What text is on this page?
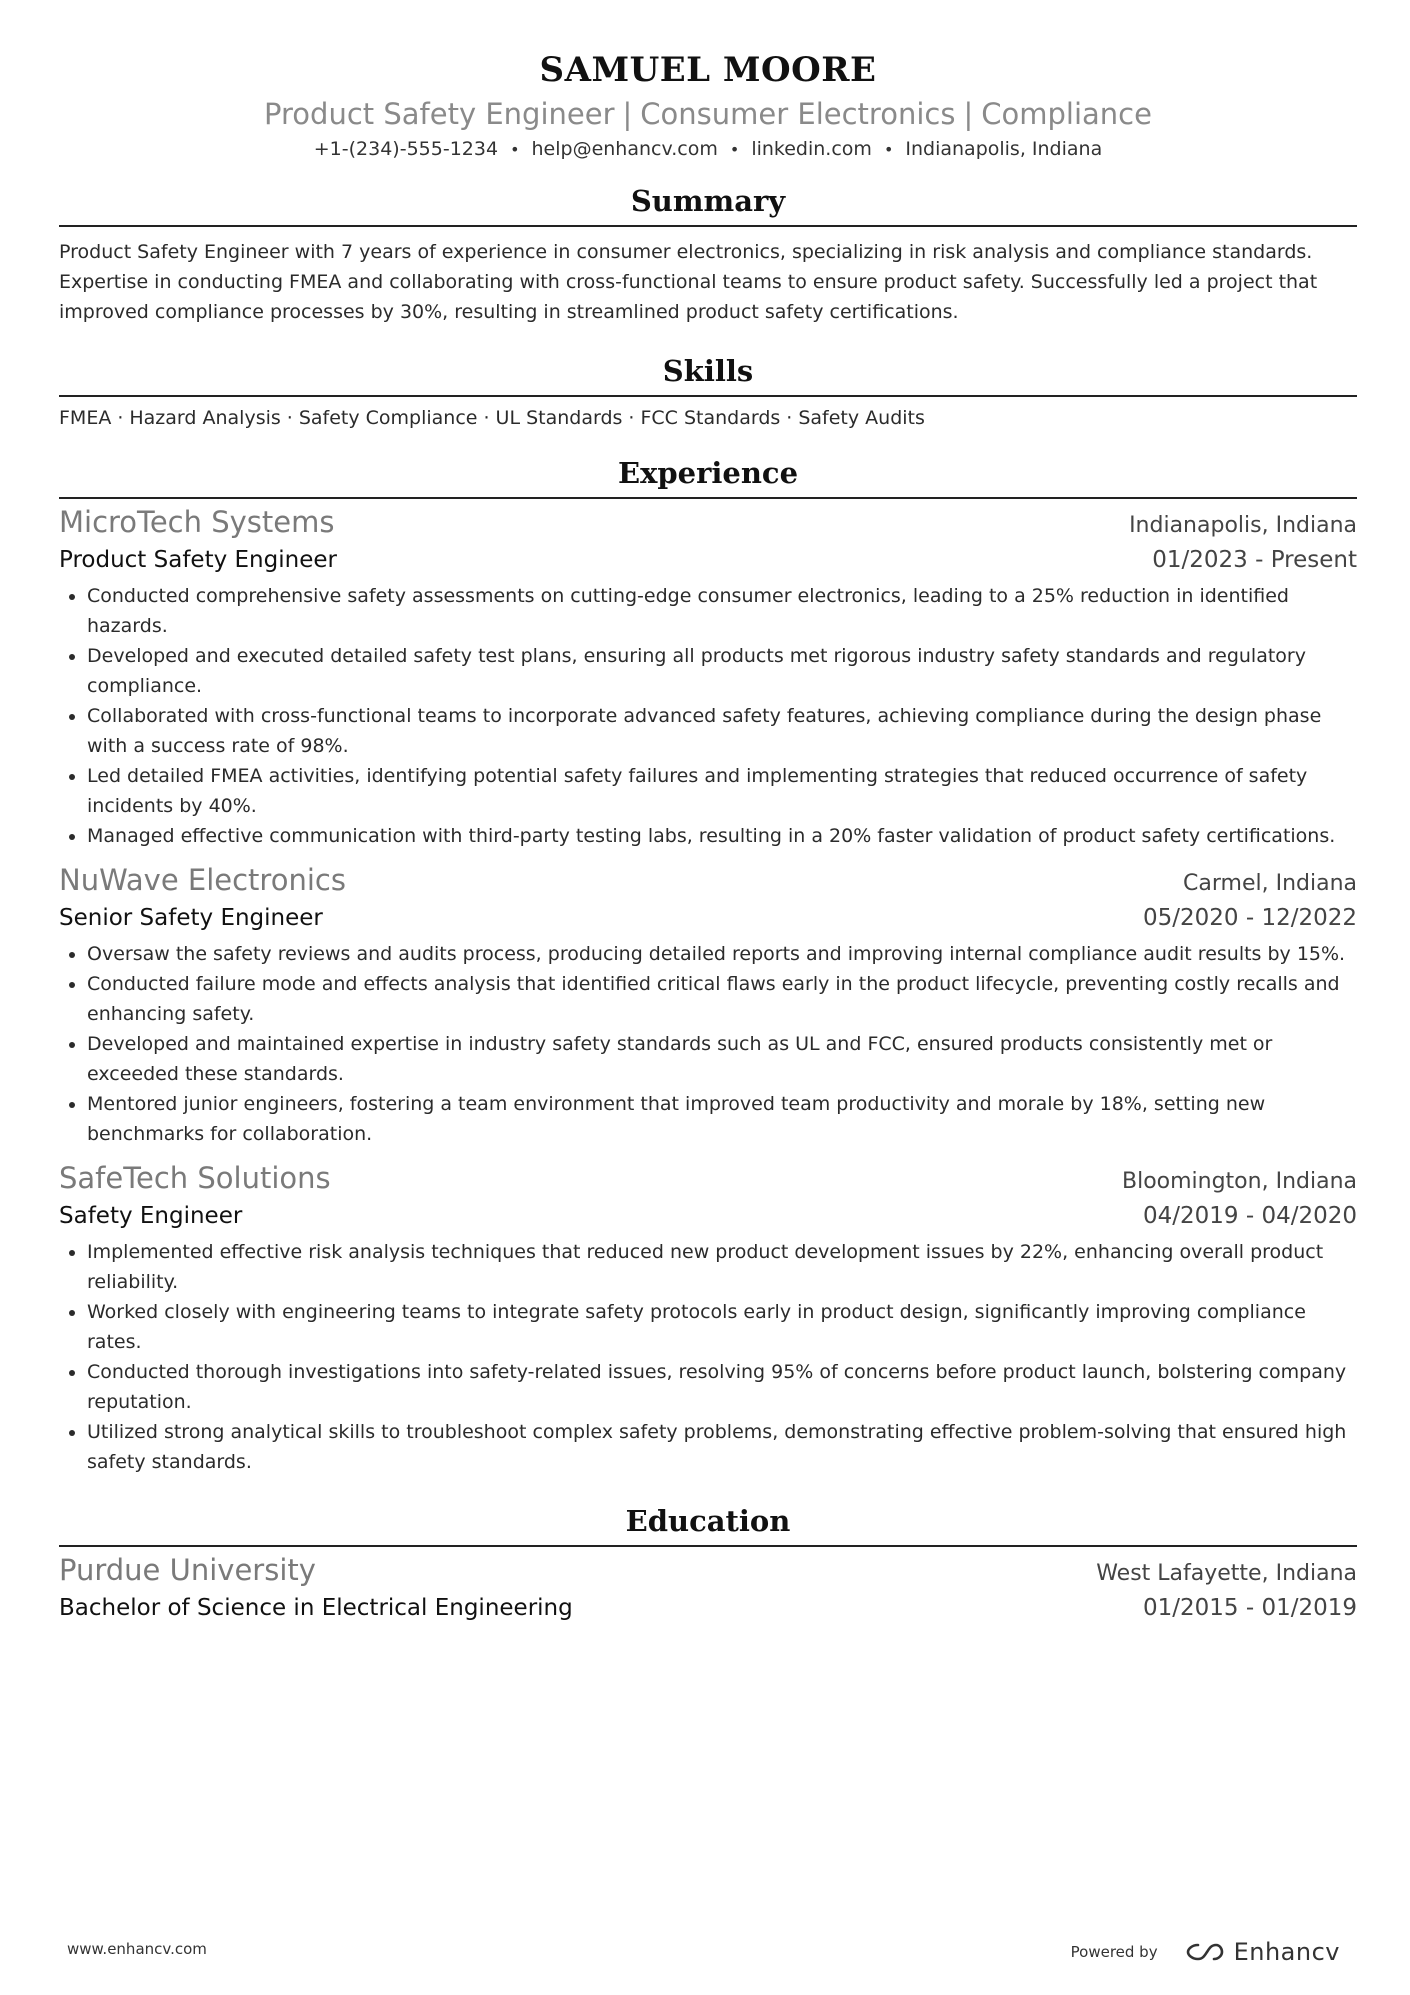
SAMUEL MOORE
Product Safety Engineer | Consumer Electronics | Compliance
+1-(234)-555-1234 • help@enhancv.com • linkedin.com • Indianapolis, Indiana
Summary
Product Safety Engineer with 7 years of experience in consumer electronics, specializing in risk analysis and compliance standards. Expertise in conducting FMEA and collaborating with cross-functional teams to ensure product safety. Successfully led a project that improved compliance processes by 30%, resulting in streamlined product safety certifications.
Skills
FMEA · Hazard Analysis · Safety Compliance · UL Standards · FCC Standards · Safety Audits
Experience
MicroTech Systems	Indianapolis, Indiana
Product Safety Engineer	01/2023 - Present
• Conducted comprehensive safety assessments on cutting-edge consumer electronics, leading to a 25% reduction in identified hazards.
• Developed and executed detailed safety test plans, ensuring all products met rigorous industry safety standards and regulatory compliance.
• Collaborated with cross-functional teams to incorporate advanced safety features, achieving compliance during the design phase with a success rate of 98%.
• Led detailed FMEA activities, identifying potential safety failures and implementing strategies that reduced occurrence of safety incidents by 40%.
• Managed effective communication with third-party testing labs, resulting in a 20% faster validation of product safety certifications.
NuWave Electronics	Carmel, Indiana
Senior Safety Engineer	05/2020 - 12/2022
• Oversaw the safety reviews and audits process, producing detailed reports and improving internal compliance audit results by 15%.
• Conducted failure mode and effects analysis that identified critical flaws early in the product lifecycle, preventing costly recalls and enhancing safety.
• Developed and maintained expertise in industry safety standards such as UL and FCC, ensured products consistently met or exceeded these standards.
• Mentored junior engineers, fostering a team environment that improved team productivity and morale by 18%, setting new benchmarks for collaboration.
SafeTech Solutions	Bloomington, Indiana
Safety Engineer	04/2019 - 04/2020
• Implemented effective risk analysis techniques that reduced new product development issues by 22%, enhancing overall product reliability.
• Worked closely with engineering teams to integrate safety protocols early in product design, significantly improving compliance rates.
• Conducted thorough investigations into safety-related issues, resolving 95% of concerns before product launch, bolstering company reputation.
• Utilized strong analytical skills to troubleshoot complex safety problems, demonstrating effective problem-solving that ensured high safety standards.
Education
Purdue University	West Lafayette, Indiana
Bachelor of Science in Electrical Engineering	01/2015 - 01/2019
www.enhancv.com	Powered by	Enhancv
